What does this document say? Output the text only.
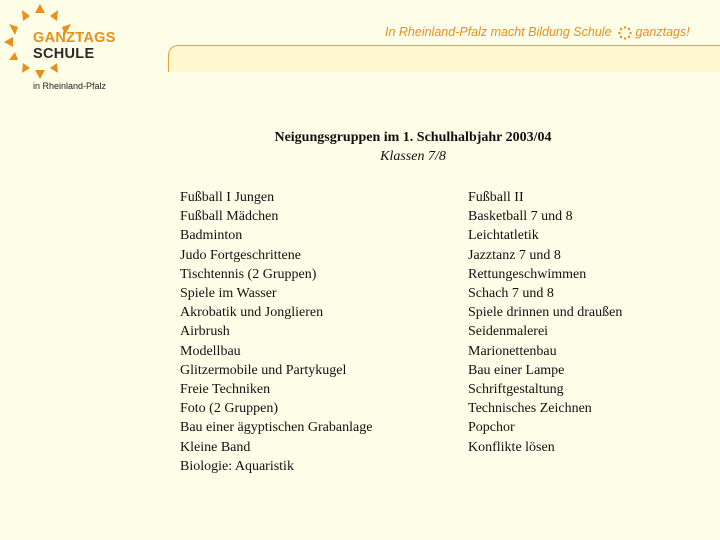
GANZTAGS
SCHULE
in Rheinland-Pfalz
In Rheinland-Pfalz macht Bildung Schule ganztags!
Neigungsgruppen im 1. Schulhalbjahr 2003/04
Klassen 7/8
Fußball I Jungen
Fußball Mädchen
Badminton
Judo Fortgeschrittene
Tischtennis (2 Gruppen)
Spiele im Wasser
Akrobatik und Jonglieren
Airbrush
Modellbau
Glitzermobile und Partykugel
Freie Techniken
Foto (2 Gruppen)
Bau einer ägyptischen Grabanlage
Kleine Band
Biologie: Aquaristik
Fußball II
Basketball 7 und 8
Leichtatletik
Jazztanz 7 und 8
Rettungeschwimmen
Schach 7 und 8
Spiele drinnen und draußen
Seidenmalerei
Marionettenbau
Bau einer Lampe
Schriftgestaltung
Technisches Zeichnen
Popchor
Konflikte lösen
